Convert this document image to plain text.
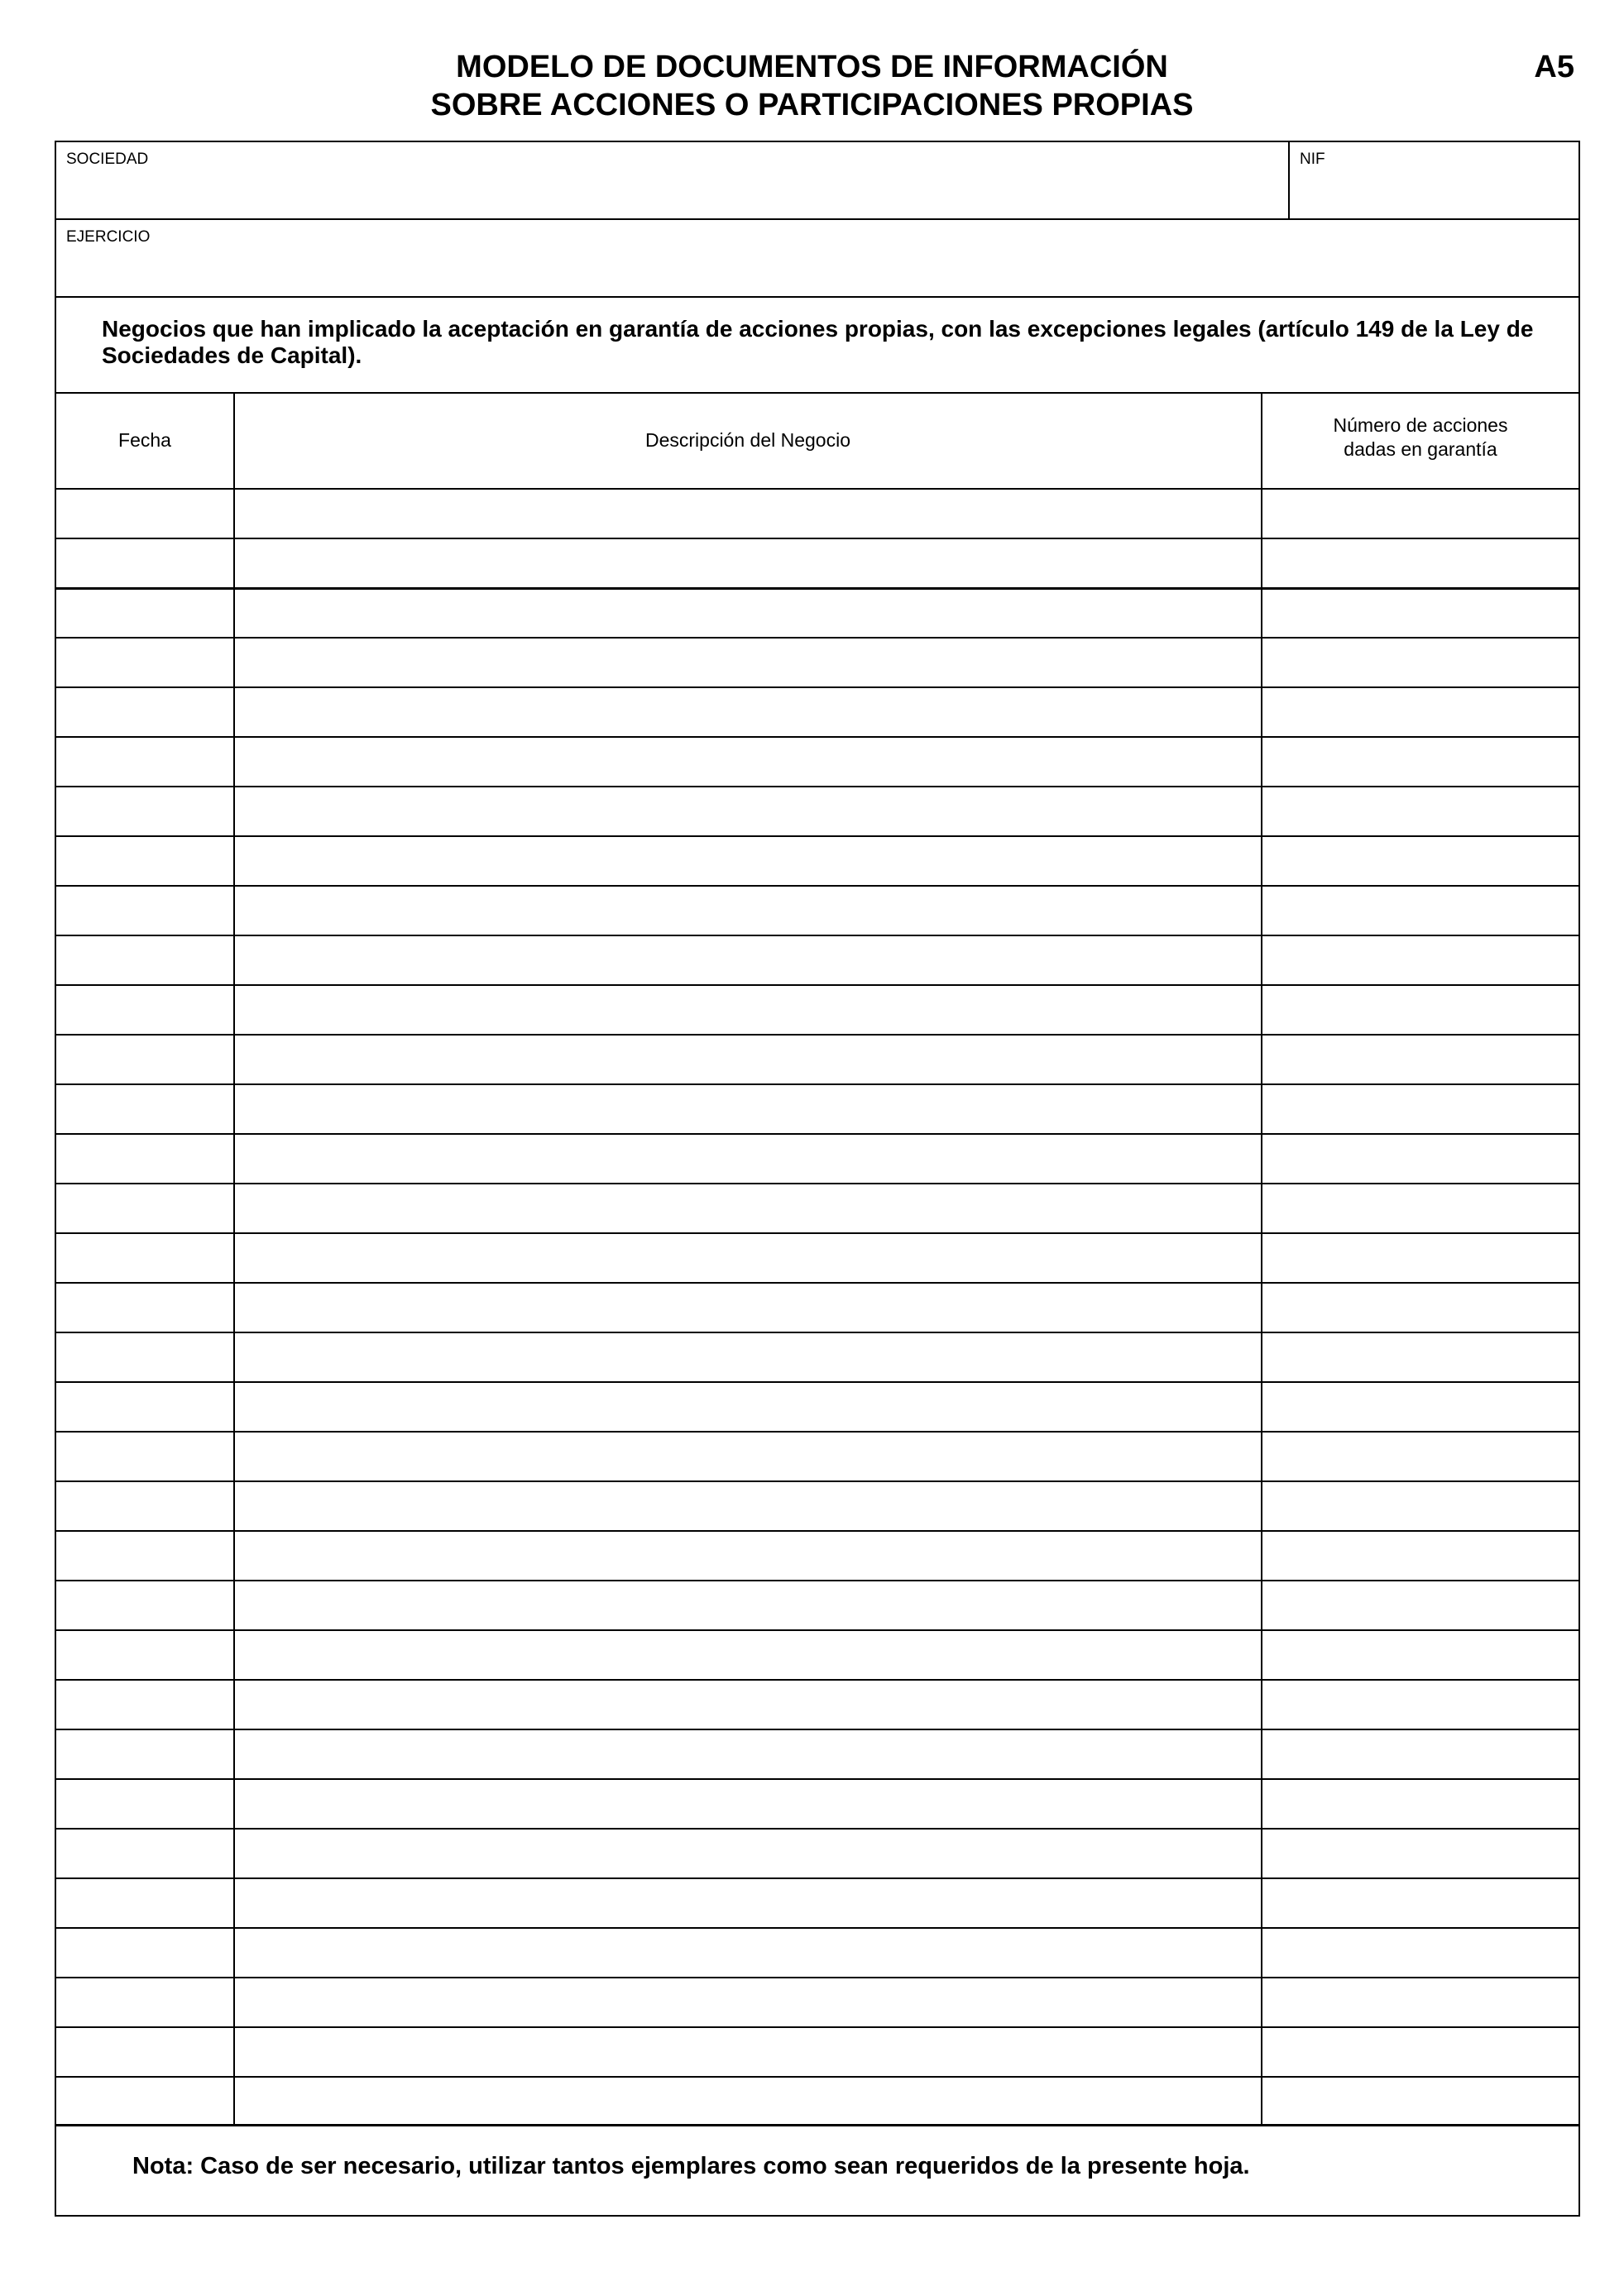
MODELO DE DOCUMENTOS DE INFORMACIÓN
SOBRE ACCIONES O PARTICIPACIONES PROPIAS
A5
SOCIEDAD	NIF
EJERCICIO
Negocios que han implicado la aceptación en garantía de acciones propias, con las excepciones legales (artículo 149 de la Ley de Sociedades de Capital).
Fecha	Descripción del Negocio
Número de acciones
dadas en garantía
Nota: Caso de ser necesario, utilizar tantos ejemplares como sean requeridos de la presente hoja.
